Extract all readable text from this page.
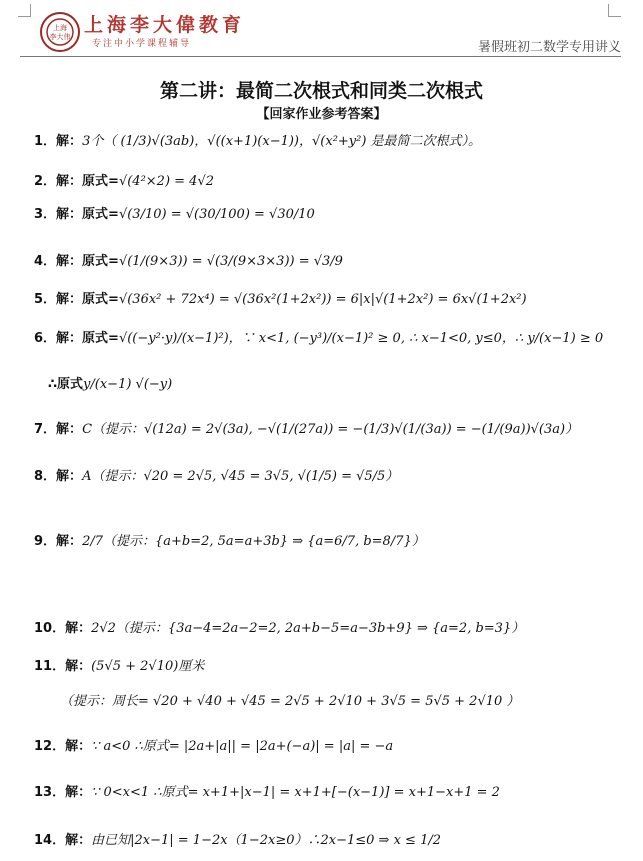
上海
李大伟
上海李大偉教育
专注中小学课程辅导	暑假班初二数学专用讲义
第二讲：最简二次根式和同类二次根式
【回家作业参考答案】
1．解：3个（ (1/3)√(3ab)，√((x+1)(x−1))，√(x²+y²) 是最简二次根式）。
2．解：原式=√(4²×2) = 4√2
3．解：原式=√(3/10) = √(30/100) = √30/10
4．解：原式=√(1/(9×3)) = √(3/(9×3×3)) = √3/9
5．解：原式=√(36x² + 72x⁴) = √(36x²(1+2x²)) = 6|x|√(1+2x²) = 6x√(1+2x²)
6．解：原式=√((−y²·y)/(x−1)²)，∵ x<1, (−y³)/(x−1)² ≥ 0, ∴ x−1<0, y≤0，∴ y/(x−1) ≥ 0
∴原式y/(x−1) √(−y)
7．解：C（提示：√(12a) = 2√(3a), −√(1/(27a)) = −(1/3)√(1/(3a)) = −(1/(9a))√(3a)）
8．解：A（提示：√20 = 2√5, √45 = 3√5, √(1/5) = √5/5）
9．解：2/7（提示：{a+b=2, 5a=a+3b} ⇒ {a=6/7, b=8/7}）
10．解：2√2（提示：{3a−4=2a−2=2, 2a+b−5=a−3b+9} ⇒ {a=2, b=3}）
11．解：(5√5 + 2√10)厘米
（提示：周长= √20 + √40 + √45 = 2√5 + 2√10 + 3√5 = 5√5 + 2√10 ）
12．解：∵ a<0 ∴原式= |2a+|a|| = |2a+(−a)| = |a| = −a
13．解：∵ 0<x<1 ∴原式= x+1+|x−1| = x+1+[−(x−1)] = x+1−x+1 = 2
14．解：由已知|2x−1| = 1−2x（1−2x≥0）∴2x−1≤0 ⇒ x ≤ 1/2
